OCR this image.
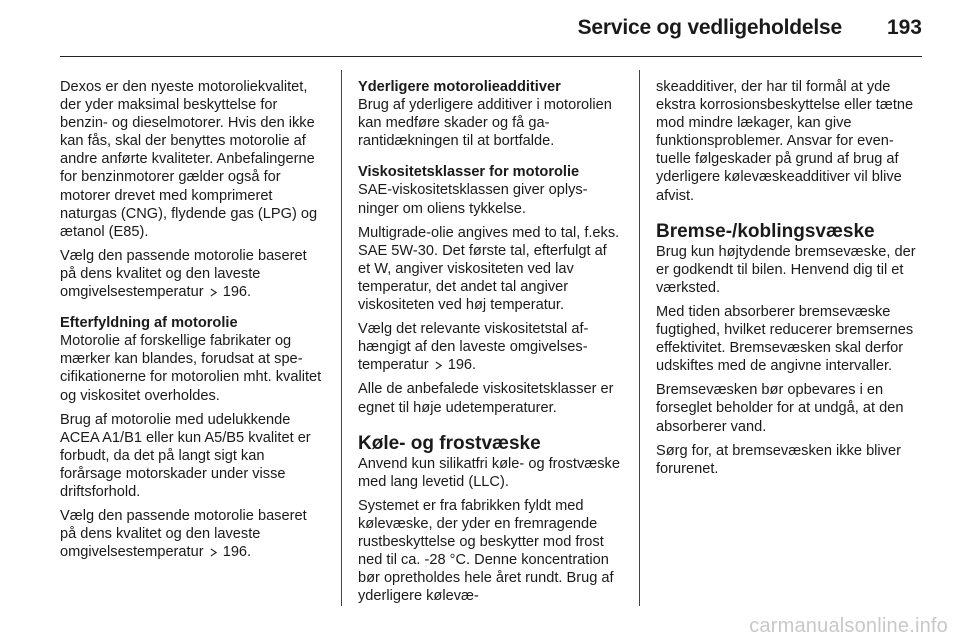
Service og vedligeholdelse 193

Dexos er den nyeste motoroliekvalitet, der yder maksimal beskyttelse for benzin- og dieselmotorer. Hvis den ikke kan fås, skal der benyttes motorolie af andre anførte kvaliteter. Anbefalingerne for benzinmotorer gælder også for motorer drevet med komprimeret naturgas (CNG), flydende gas (LPG) og ætanol (E85).

Vælg den passende motorolie baseret på dens kvalitet og den laveste omgivelsestemperatur 196.

Efterfyldning af motorolie

Motorolie af forskellige fabrikater og mærker kan blandes, forudsat at specifikationerne for motorolien mht. kvalitet og viskositet overholdes.

Brug af motorolie med udelukkende ACEA A1/B1 eller kun A5/B5 kvalitet er forbudt, da det på langt sigt kan forårsage motorskader under visse driftsforhold.

Vælg den passende motorolie baseret på dens kvalitet og den laveste omgivelsestemperatur 196.

Yderligere motorolieadditiver

Brug af yderligere additiver i motorolien kan medføre skader og få garantidækningen til at bortfalde.

Viskositetsklasser for motorolie

SAE-viskositetsklassen giver oplysninger om oliens tykkelse.

Multigrade-olie angives med to tal, f.eks. SAE 5W-30. Det første tal, efterfulgt af et W, angiver viskositeten ved lav temperatur, det andet tal angiver viskositeten ved høj temperatur.

Vælg det relevante viskositetstal afhængigt af den laveste omgivelsestemperatur 196.

Alle de anbefalede viskositetsklasser er egnet til høje udetemperaturer.

Køle- og frostvæske

Anvend kun silikatfri køle- og frostvæske med lang levetid (LLC).

Systemet er fra fabrikken fyldt med kølevæske, der yder en fremragende rustbeskyttelse og beskytter mod frost ned til ca. -28 °C. Denne koncentration bør opretholdes hele året rundt. Brug af yderligere kølevæ-

skeadditiver, der har til formål at yde ekstra korrosionsbeskyttelse eller tætne mod mindre lækager, kan give funktionsproblemer. Ansvar for eventuelle følgeskader på grund af brug af yderligere kølevæskeadditiver vil blive afvist.

Bremse-/koblingsvæske

Brug kun højtydende bremsevæske, der er godkendt til bilen. Henvend dig til et værksted.

Med tiden absorberer bremsevæske fugtighed, hvilket reducerer bremsernes effektivitet. Bremsevæsken skal derfor udskiftes med de angivne intervaller.

Bremsevæsken bør opbevares i en forseglet beholder for at undgå, at den absorberer vand.

Sørg for, at bremsevæsken ikke bliver forurenet.

carmanualsonline.info
